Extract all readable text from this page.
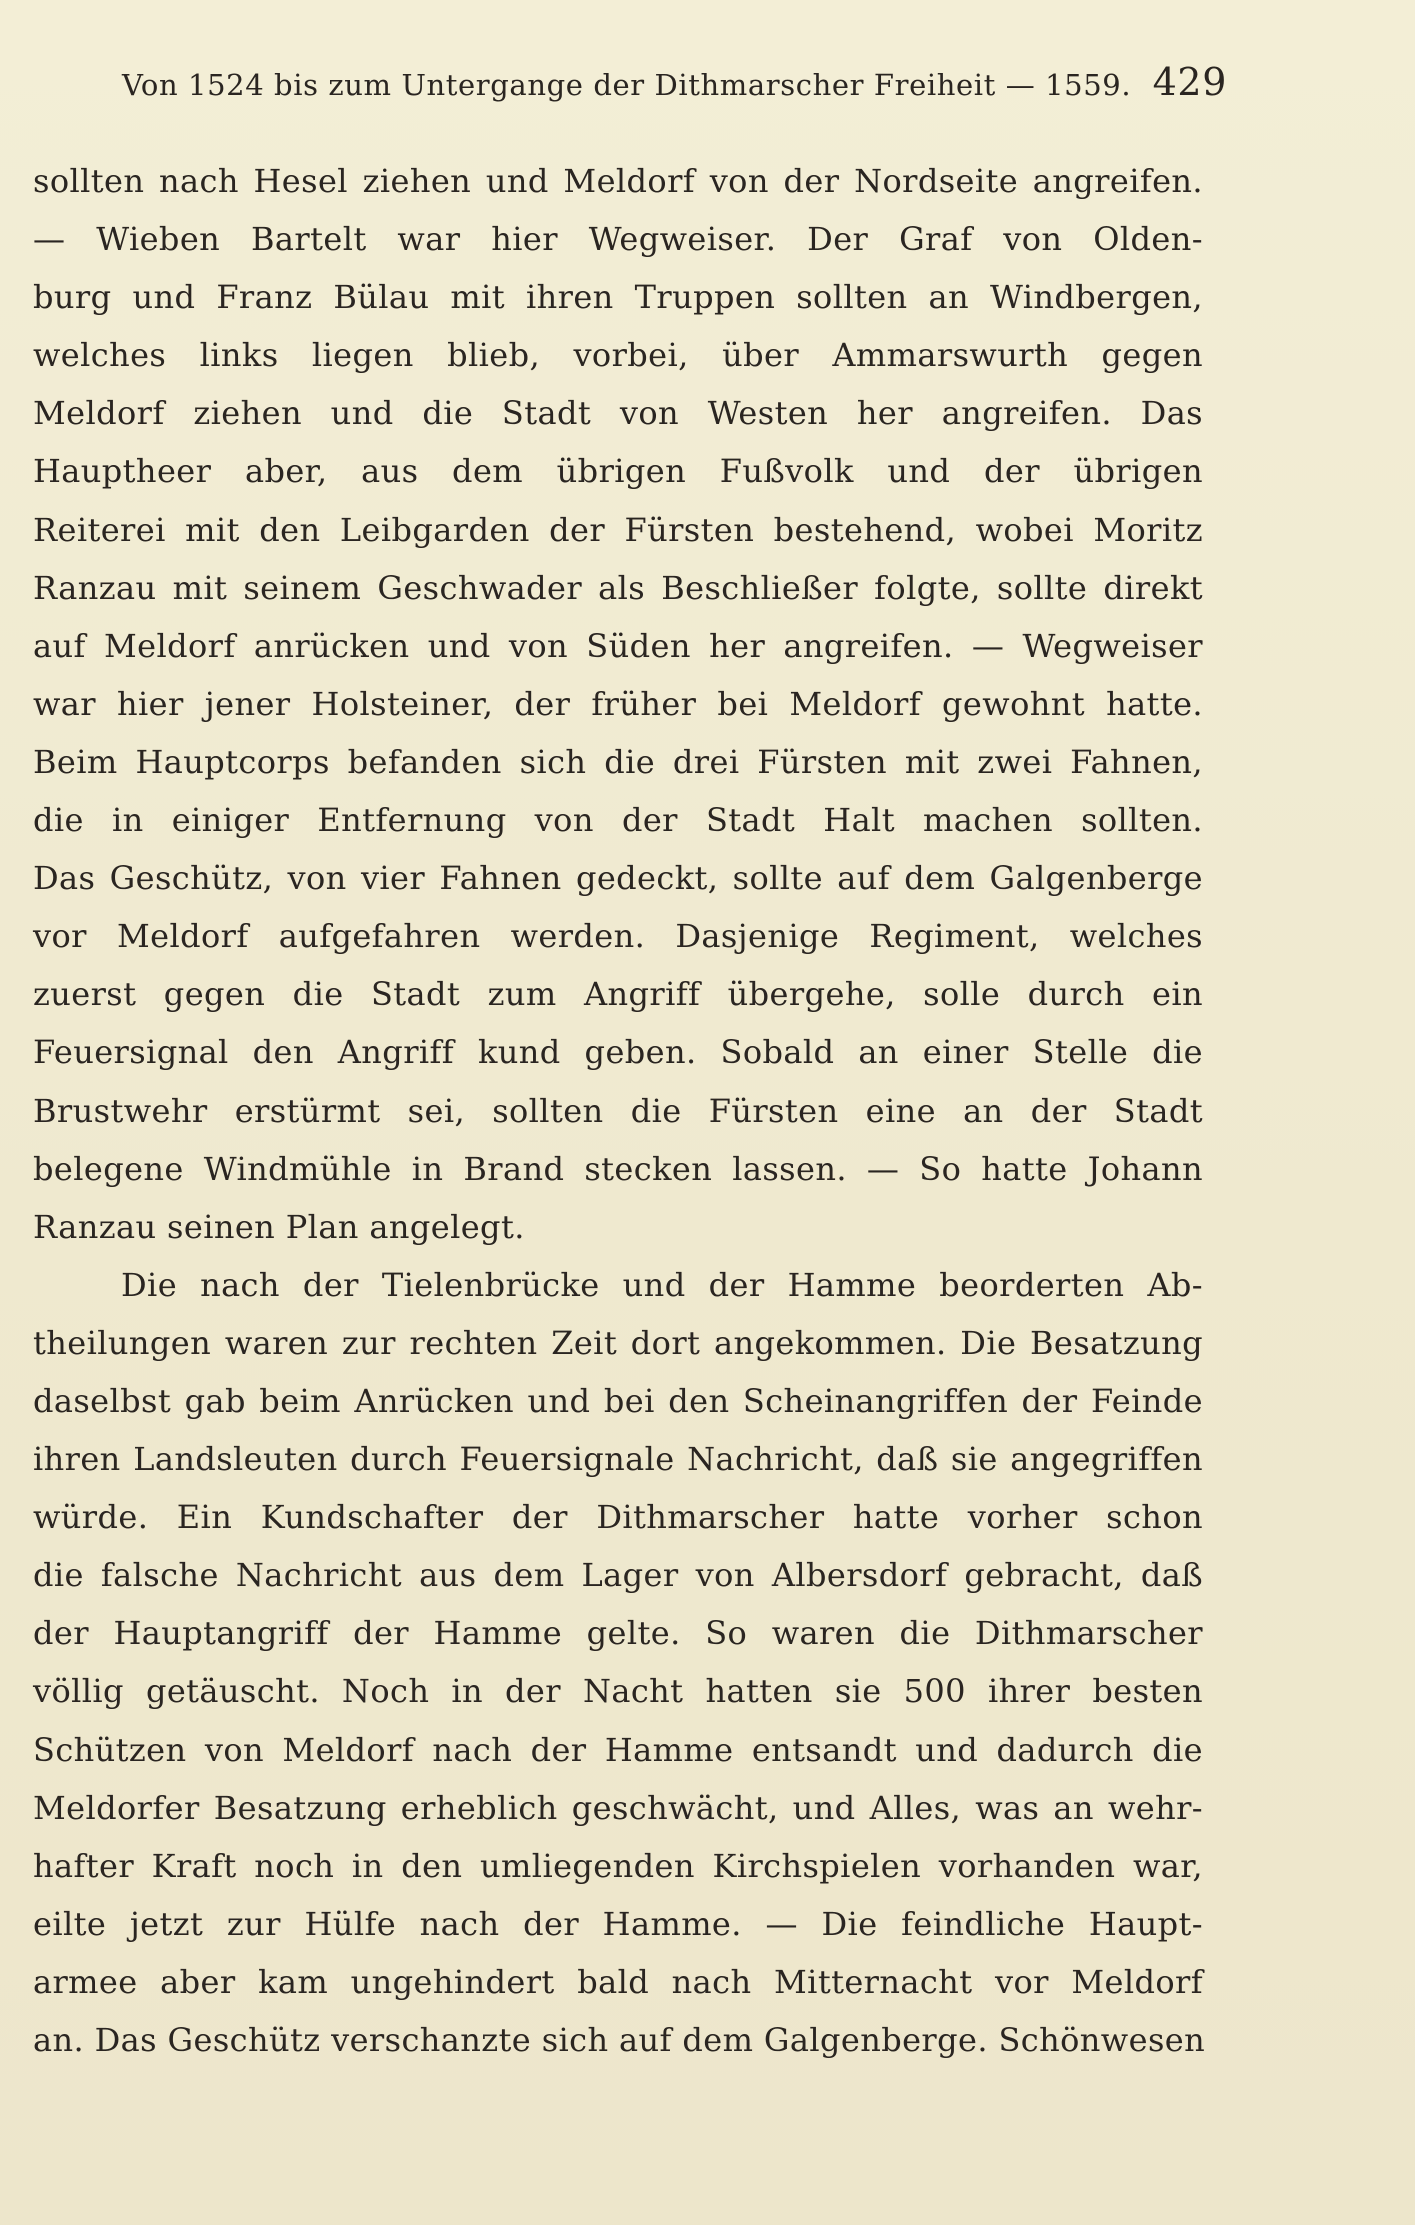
Von 1524 bis zum Untergange der Dithmarscher Freiheit — 1559. 429
sollten nach Hesel ziehen und Meldorf von der Nordseite angreifen.
— Wieben Bartelt war hier Wegweiser. Der Graf von Olden-
burg und Franz Bülau mit ihren Truppen sollten an Windbergen,
welches links liegen blieb, vorbei, über Ammarswurth gegen
Meldorf ziehen und die Stadt von Westen her angreifen. Das
Hauptheer aber, aus dem übrigen Fußvolk und der übrigen
Reiterei mit den Leibgarden der Fürsten bestehend, wobei Moritz
Ranzau mit seinem Geschwader als Beschließer folgte, sollte direkt
auf Meldorf anrücken und von Süden her angreifen. — Wegweiser
war hier jener Holsteiner, der früher bei Meldorf gewohnt hatte.
Beim Hauptcorps befanden sich die drei Fürsten mit zwei Fahnen,
die in einiger Entfernung von der Stadt Halt machen sollten.
Das Geschütz, von vier Fahnen gedeckt, sollte auf dem Galgenberge
vor Meldorf aufgefahren werden. Dasjenige Regiment, welches
zuerst gegen die Stadt zum Angriff übergehe, solle durch ein
Feuersignal den Angriff kund geben. Sobald an einer Stelle die
Brustwehr erstürmt sei, sollten die Fürsten eine an der Stadt
belegene Windmühle in Brand stecken lassen. — So hatte Johann
Ranzau seinen Plan angelegt.
Die nach der Tielenbrücke und der Hamme beorderten Ab-
theilungen waren zur rechten Zeit dort angekommen. Die Besatzung
daselbst gab beim Anrücken und bei den Scheinangriffen der Feinde
ihren Landsleuten durch Feuersignale Nachricht, daß sie angegriffen
würde. Ein Kundschafter der Dithmarscher hatte vorher schon
die falsche Nachricht aus dem Lager von Albersdorf gebracht, daß
der Hauptangriff der Hamme gelte. So waren die Dithmarscher
völlig getäuscht. Noch in der Nacht hatten sie 500 ihrer besten
Schützen von Meldorf nach der Hamme entsandt und dadurch die
Meldorfer Besatzung erheblich geschwächt, und Alles, was an wehr-
hafter Kraft noch in den umliegenden Kirchspielen vorhanden war,
eilte jetzt zur Hülfe nach der Hamme. — Die feindliche Haupt-
armee aber kam ungehindert bald nach Mitternacht vor Meldorf
an. Das Geschütz verschanzte sich auf dem Galgenberge. Schönwesen
